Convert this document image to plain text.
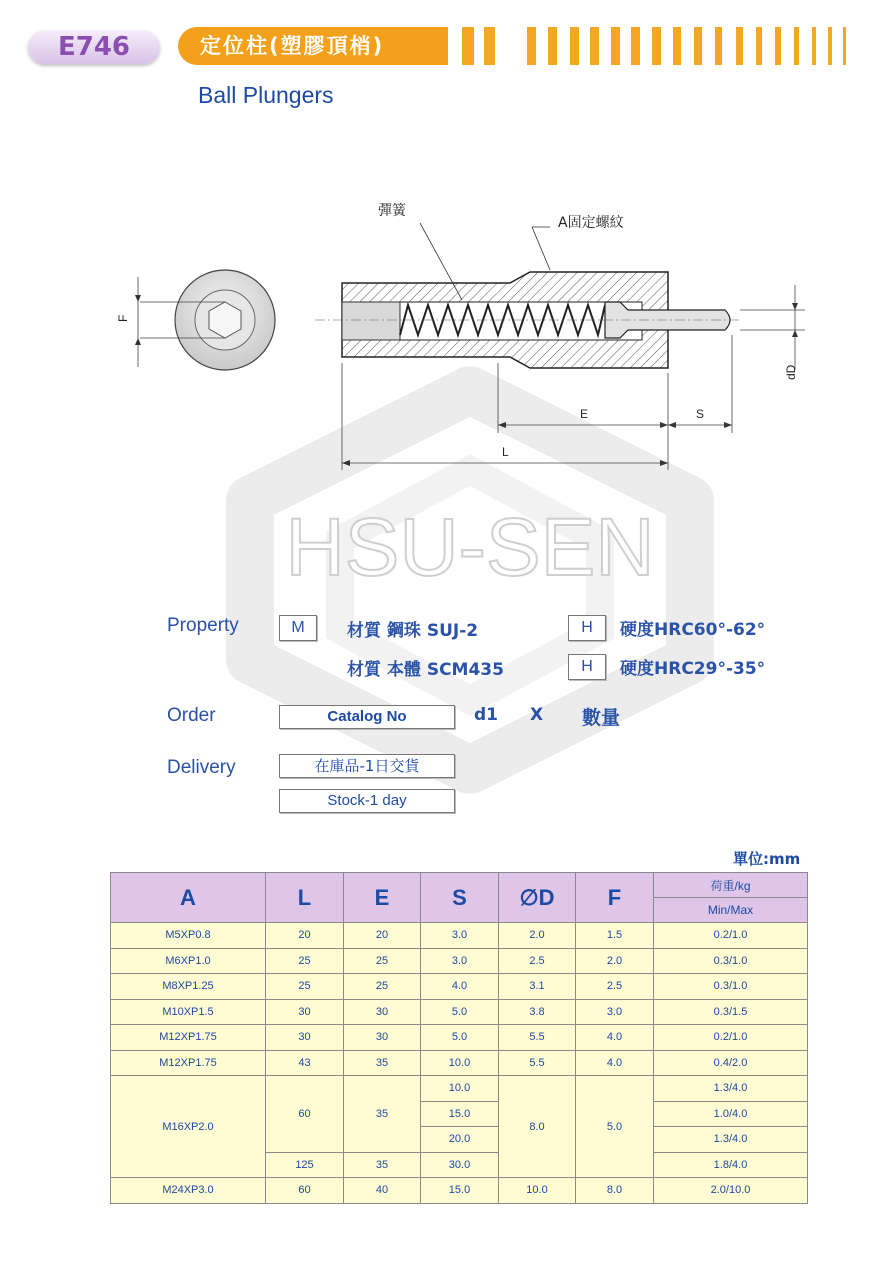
E746	定位柱(塑膠頂梢)
Ball Plungers
HSU-SEN
F
彈簧
A固定螺紋
E	S
L
dD
Property	M	材質 鋼珠 SUJ-2	H	硬度HRC60°-62°
材質 本體 SCM435	H	硬度HRC29°-35°
Order	Catalog No	d1 X 數量
Delivery	在庫品-1日交貨
Stock-1 day
單位:mm
A	L	E	S	∅D	F	荷重/kg
						Min/Max
M5XP0.8	20	20	3.0	2.0	1.5	0.2/1.0
M6XP1.0	25	25	3.0	2.5	2.0	0.3/1.0
M8XP1.25	25	25	4.0	3.1	2.5	0.3/1.0
M10XP1.5	30	30	5.0	3.8	3.0	0.3/1.5
M12XP1.75	30	30	5.0	5.5	4.0	0.2/1.0
M12XP1.75	43	35	10.0	5.5	4.0	0.4/2.0
M16XP2.0	60	35	10.0	8.0	5.0	1.3/4.0
			15.0			1.0/4.0
			20.0			1.3/4.0
	125	35	30.0			1.8/4.0
M24XP3.0	60	40	15.0	10.0	8.0	2.0/10.0
